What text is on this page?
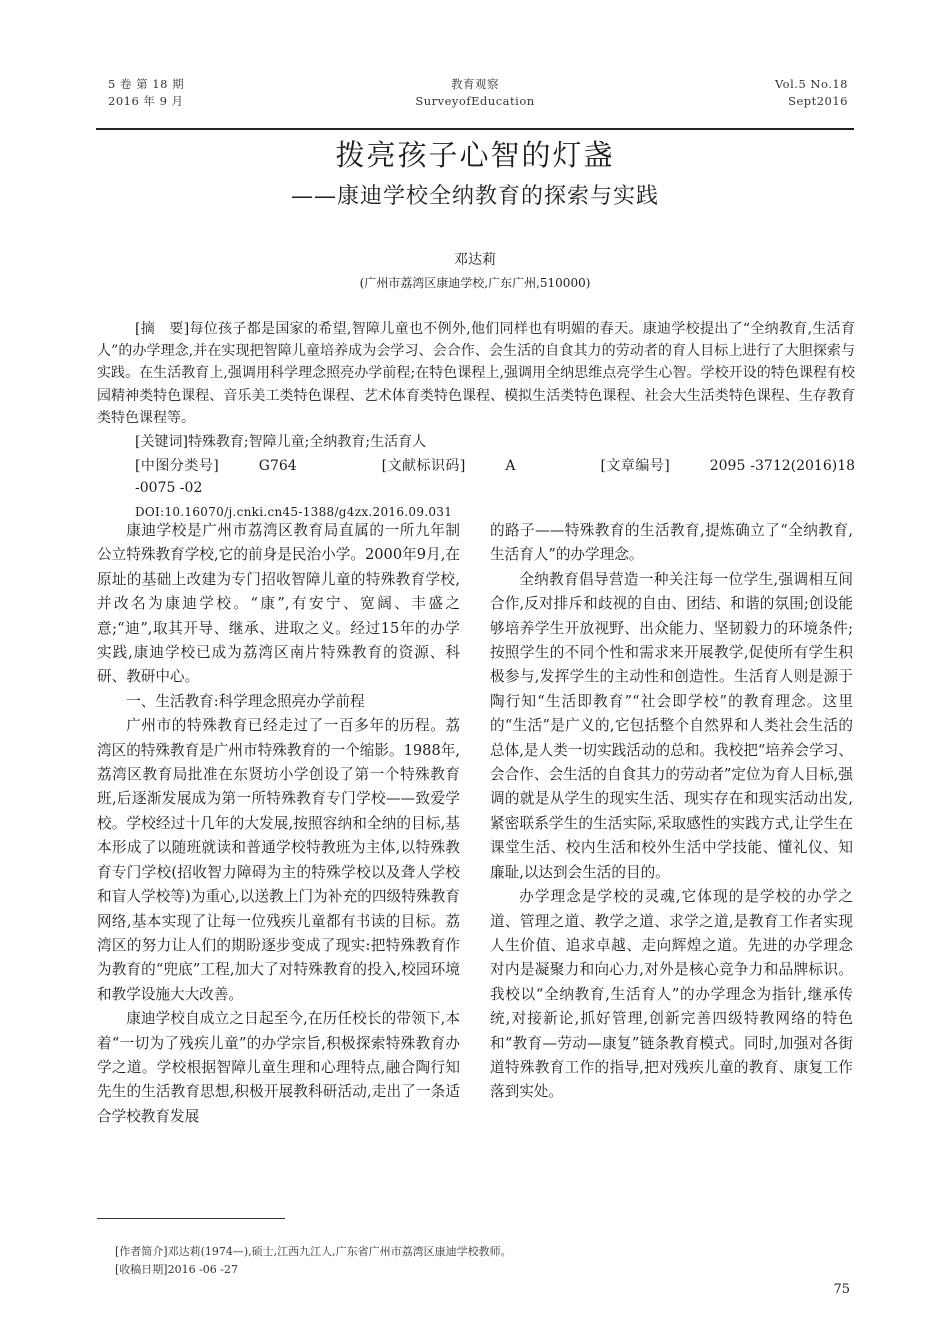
5 卷 第 18 期
2016 年 9 月
教育观察
SurveyofEducation
Vol.5 No.18
Sept2016
拨亮孩子心智的灯盏
——康迪学校全纳教育的探索与实践
邓达莉
(广州市荔湾区康迪学校,广东广州,510000)

[摘　要]每位孩子都是国家的希望,智障儿童也不例外,他们同样也有明媚的春天。康迪学校提出了“全纳教育,生活育人”的办学理念,并在实现把智障儿童培养成为会学习、会合作、会生活的自食其力的劳动者的育人目标上进行了大胆探索与实践。在生活教育上,强调用科学理念照亮办学前程;在特色课程上,强调用全纳思维点亮学生心智。学校开设的特色课程有校园精神类特色课程、音乐美工类特色课程、艺术体育类特色课程、模拟生活类特色课程、社会大生活类特色课程、生存教育类特色课程等。

[关键词]特殊教育;智障儿童;全纳教育;生活育人
[中图分类号]	G764	[文献标识码]	A	[文章编号]	2095 -3712(2016)18 -0075 -02
DOI:10.16070/j.cnki.cn45-1388/g4zx.2016.09.031

康迪学校是广州市荔湾区教育局直属的一所九年制公立特殊教育学校,它的前身是民治小学。2000年9月,在原址的基础上改建为专门招收智障儿童的特殊教育学校,并改名为康迪学校。“康”,有安宁、宽阔、丰盛之意;“迪”,取其开导、继承、进取之义。经过15年的办学实践,康迪学校已成为荔湾区南片特殊教育的资源、科研、教研中心。

一、生活教育:科学理念照亮办学前程

广州市的特殊教育已经走过了一百多年的历程。荔湾区的特殊教育是广州市特殊教育的一个缩影。1988年,荔湾区教育局批准在东贤坊小学创设了第一个特殊教育班,后逐渐发展成为第一所特殊教育专门学校——致爱学校。学校经过十几年的大发展,按照容纳和全纳的目标,基本形成了以随班就读和普通学校特教班为主体,以特殊教育专门学校(招收智力障碍为主的特殊学校以及聋人学校和盲人学校等)为重心,以送教上门为补充的四级特殊教育网络,基本实现了让每一位残疾儿童都有书读的目标。荔湾区的努力让人们的期盼逐步变成了现实:把特殊教育作为教育的“兜底”工程,加大了对特殊教育的投入,校园环境和教学设施大大改善。

康迪学校自成立之日起至今,在历任校长的带领下,本着“一切为了残疾儿童”的办学宗旨,积极探索特殊教育办学之道。学校根据智障儿童生理和心理特点,融合陶行知先生的生活教育思想,积极开展教科研活动,走出了一条适合学校教育发展

的路子——特殊教育的生活教育,提炼确立了“全纳教育,生活育人”的办学理念。

全纳教育倡导营造一种关注每一位学生,强调相互间合作,反对排斥和歧视的自由、团结、和谐的氛围;创设能够培养学生开放视野、出众能力、坚韧毅力的环境条件;按照学生的不同个性和需求来开展教学,促使所有学生积极参与,发挥学生的主动性和创造性。生活育人则是源于陶行知“生活即教育”“社会即学校”的教育理念。这里的“生活”是广义的,它包括整个自然界和人类社会生活的总体,是人类一切实践活动的总和。我校把“培养会学习、会合作、会生活的自食其力的劳动者”定位为育人目标,强调的就是从学生的现实生活、现实存在和现实活动出发,紧密联系学生的生活实际,采取感性的实践方式,让学生在课堂生活、校内生活和校外生活中学技能、懂礼仪、知廉耻,以达到会生活的目的。

办学理念是学校的灵魂,它体现的是学校的办学之道、管理之道、教学之道、求学之道,是教育工作者实现人生价值、追求卓越、走向辉煌之道。先进的办学理念对内是凝聚力和向心力,对外是核心竞争力和品牌标识。我校以“全纳教育,生活育人”的办学理念为指针,继承传统,对接新论,抓好管理,创新完善四级特教网络的特色和“教育—劳动—康复”链条教育模式。同时,加强对各街道特殊教育工作的指导,把对残疾儿童的教育、康复工作落到实处。

[作者简介]邓达莉(1974—),硕士,江西九江人,广东省广州市荔湾区康迪学校教师。

[收稿日期]2016 -06 -27

75
